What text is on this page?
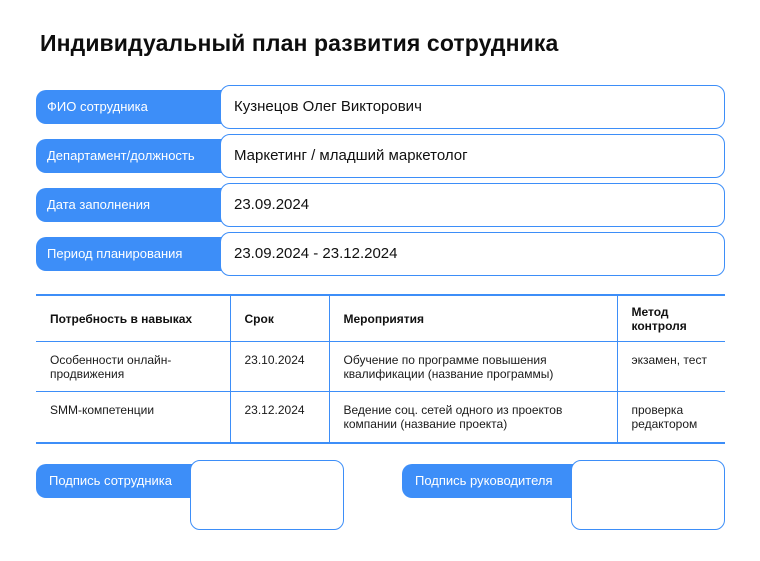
Индивидуальный план развития сотрудника
ФИО сотрудника	Кузнецов Олег Викторович
Департамент/должность	Маркетинг / младший маркетолог
Дата заполнения	23.09.2024
Период планирования	23.09.2024 - 23.12.2024
Потребность в навыках	Срок	Мероприятия	Метод контроля
Особенности онлайн-продвижения	23.10.2024	Обучение по программе повышения квалификации (название программы)	экзамен, тест
SMM-компетенции	23.12.2024	Ведение соц. сетей одного из проектов компании (название проекта)	проверка редактором
Подпись сотрудника	Подпись руководителя
